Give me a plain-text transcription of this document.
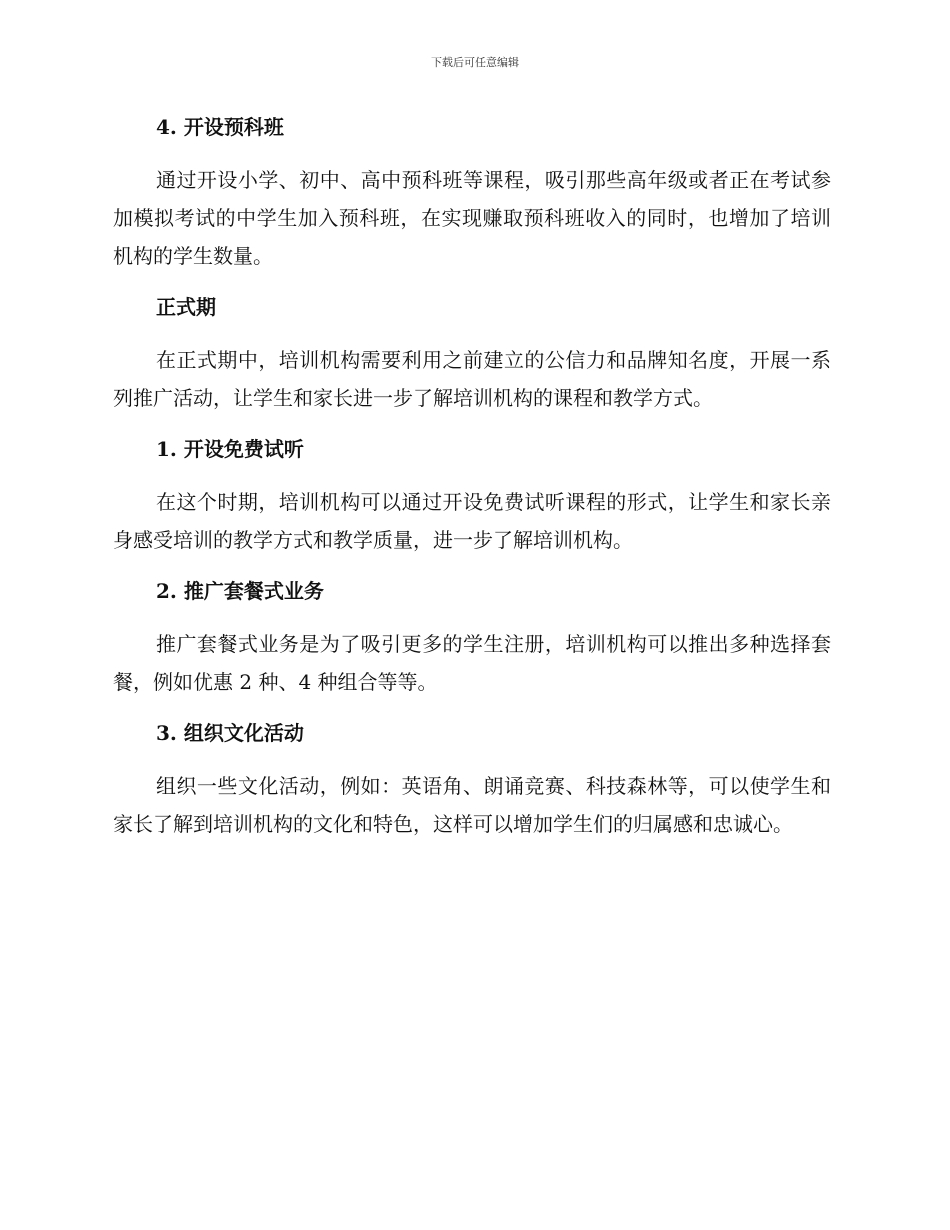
下载后可任意编辑
4. 开设预科班
通过开设小学、初中、高中预科班等课程，吸引那些高年级或者正在考试参加模拟考试的中学生加入预科班，在实现赚取预科班收入的同时，也增加了培训机构的学生数量。
正式期
在正式期中，培训机构需要利用之前建立的公信力和品牌知名度，开展一系列推广活动，让学生和家长进一步了解培训机构的课程和教学方式。
1. 开设免费试听
在这个时期，培训机构可以通过开设免费试听课程的形式，让学生和家长亲身感受培训的教学方式和教学质量，进一步了解培训机构。
2. 推广套餐式业务
推广套餐式业务是为了吸引更多的学生注册，培训机构可以推出多种选择套餐，例如优惠 2 种、4 种组合等等。
3. 组织文化活动
组织一些文化活动，例如：英语角、朗诵竞赛、科技森林等，可以使学生和家长了解到培训机构的文化和特色，这样可以增加学生们的归属感和忠诚心。
